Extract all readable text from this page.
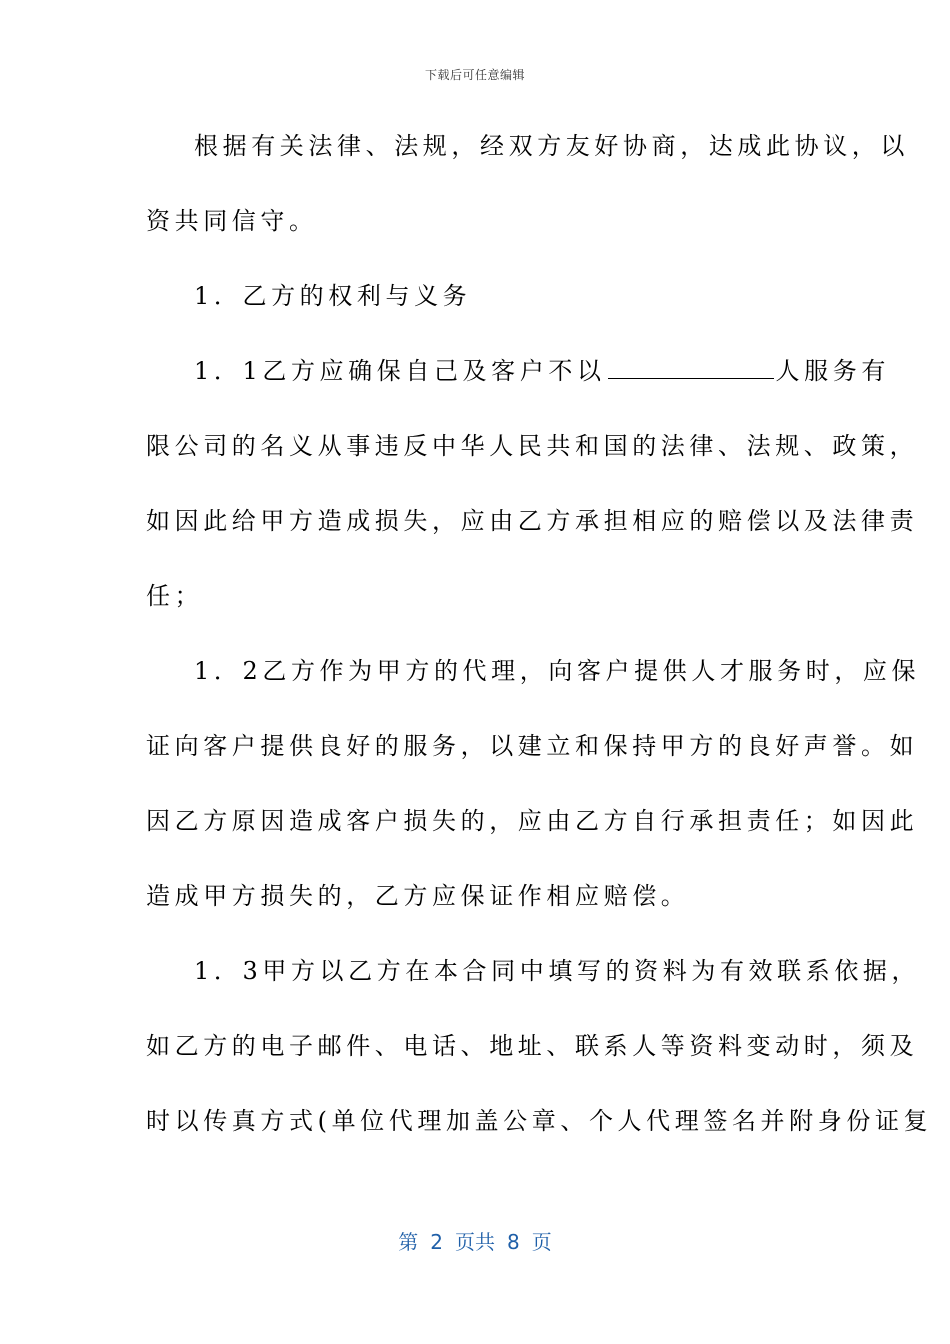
下载后可任意编辑
根据有关法律、法规，经双方友好协商，达成此协议，以
资共同信守。
1．乙方的权利与义务
1．1乙方应确保自己及客户不以	人服务有
限公司的名义从事违反中华人民共和国的法律、法规、政策，
如因此给甲方造成损失，应由乙方承担相应的赔偿以及法律责
任；
1．2乙方作为甲方的代理，向客户提供人才服务时，应保
证向客户提供良好的服务，以建立和保持甲方的良好声誉。如
因乙方原因造成客户损失的，应由乙方自行承担责任；如因此
造成甲方损失的，乙方应保证作相应赔偿。
1．3甲方以乙方在本合同中填写的资料为有效联系依据，
如乙方的电子邮件、电话、地址、联系人等资料变动时，须及
时以传真方式(单位代理加盖公章、个人代理签名并附身份证复
第 2 页共 8 页
